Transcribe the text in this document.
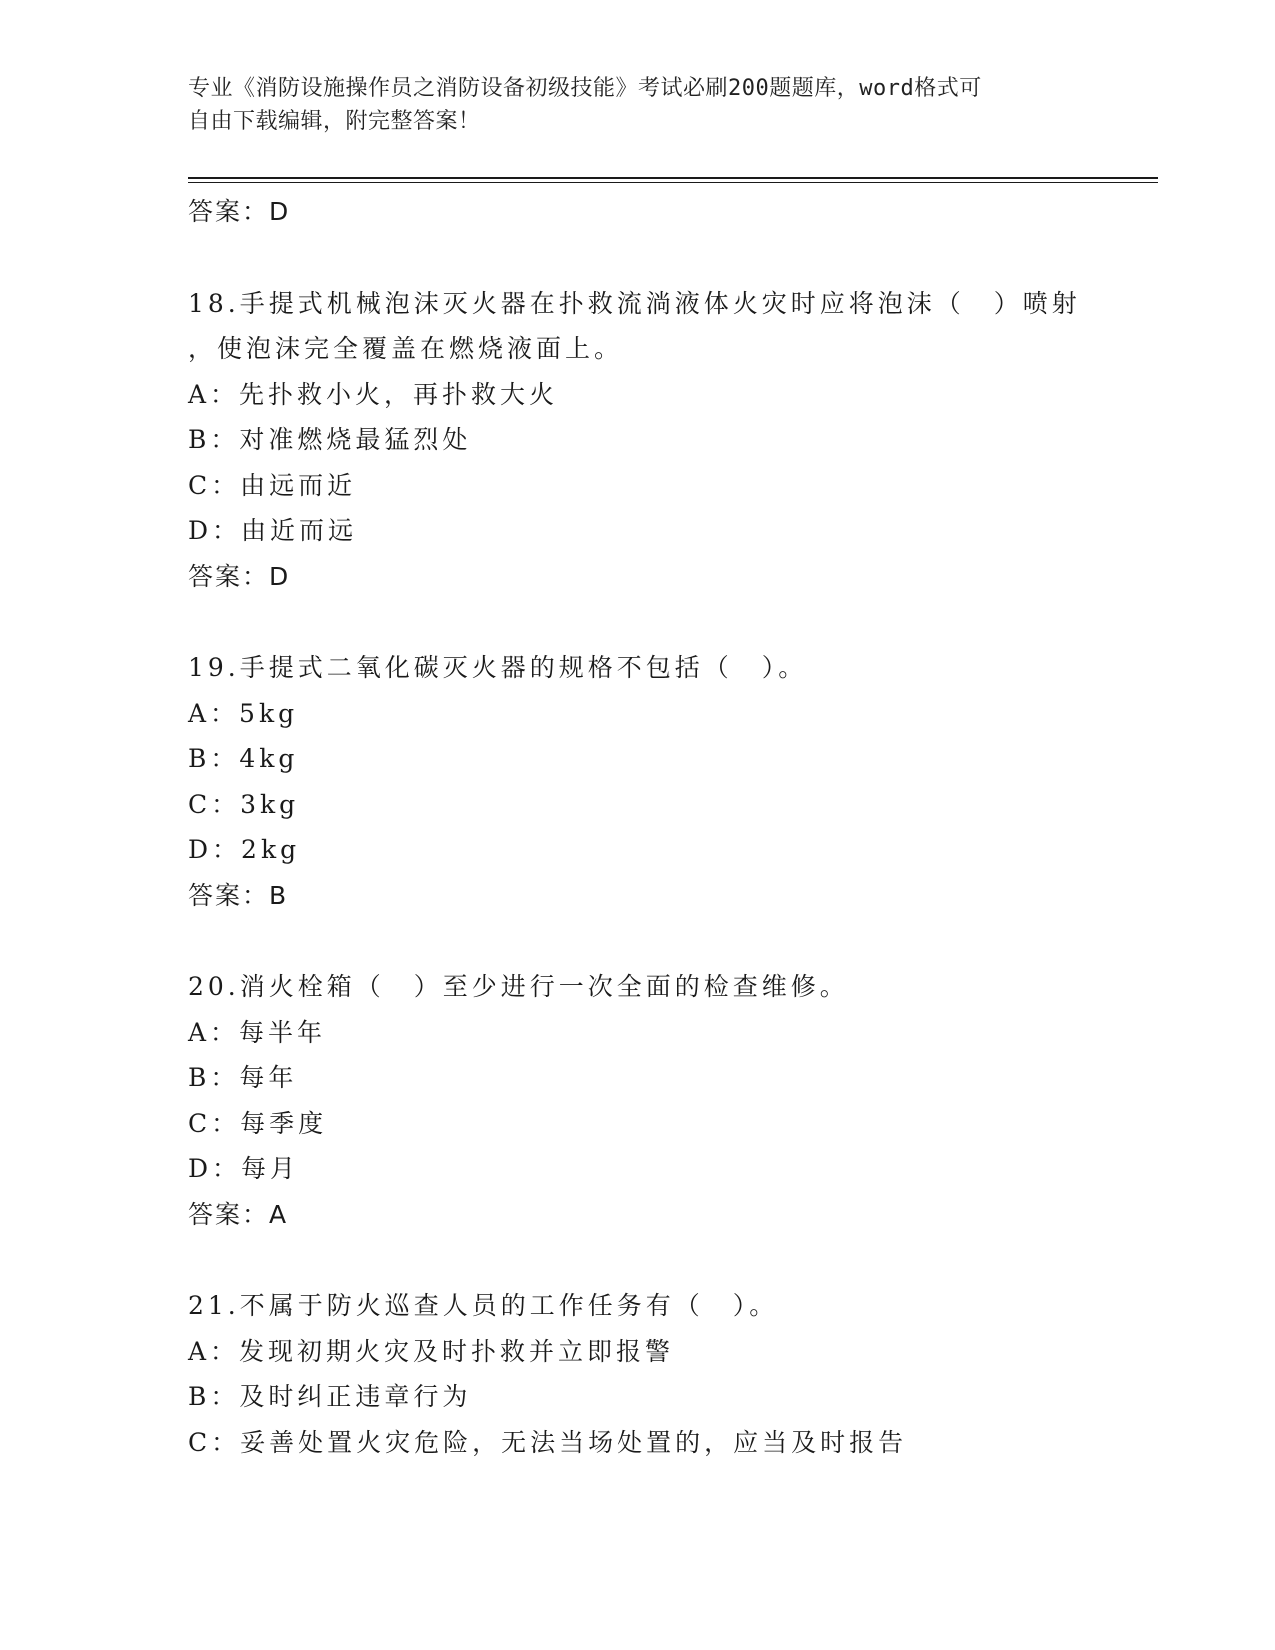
专业《消防设施操作员之消防设备初级技能》考试必刷200题题库，word格式可
自由下载编辑，附完整答案！
答案：D
18.手提式机械泡沫灭火器在扑救流淌液体火灾时应将泡沫（　）喷射
，使泡沫完全覆盖在燃烧液面上。
A：先扑救小火，再扑救大火
B：对准燃烧最猛烈处
C：由远而近
D：由近而远
答案：D
19.手提式二氧化碳灭火器的规格不包括（　）。
A：5kg
B：4kg
C：3kg
D：2kg
答案：B
20.消火栓箱（　）至少进行一次全面的检查维修。
A：每半年
B：每年
C：每季度
D：每月
答案：A
21.不属于防火巡查人员的工作任务有（　）。
A：发现初期火灾及时扑救并立即报警
B：及时纠正违章行为
C：妥善处置火灾危险，无法当场处置的，应当及时报告
